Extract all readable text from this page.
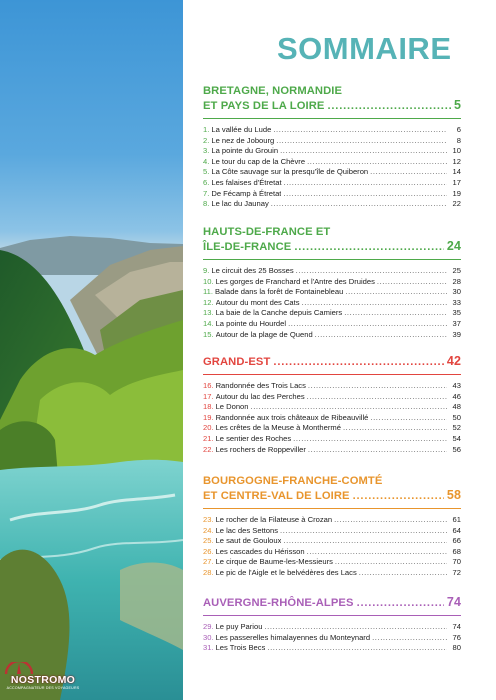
NOSTROMO
ACCOMPAGNATEUR DES VOYAGEURS
SOMMAIRE
BRETAGNE, NORMANDIE
ET PAYS DE LA LOIRE .....	5
1. La vallée du Lude .....	6
2. Le nez de Jobourg .....	8
3. La pointe du Grouin .....	10
4. Le tour du cap de la Chèvre .....	12
5. La Côte sauvage sur la presqu'île de Quiberon .....	14
6. Les falaises d'Étretat .....	17
7. De Fécamp à Étretat .....	19
8. Le lac du Jaunay .....	22
HAUTS-DE-FRANCE ET
ÎLE-DE-FRANCE .....	24
9. Le circuit des 25 Bosses .....	25
10. Les gorges de Franchard et l'Antre des Druides .....	28
11. Balade dans la forêt de Fontainebleau .....	30
12. Autour du mont des Cats .....	33
13. La baie de la Canche depuis Camiers .....	35
14. La pointe du Hourdel .....	37
15. Autour de la plage de Quend .....	39
GRAND-EST .....	42
16. Randonnée des Trois Lacs .....	43
17. Autour du lac des Perches .....	46
18. Le Donon .....	48
19. Randonnée aux trois châteaux de Ribeauvillé .....	50
20. Les crêtes de la Meuse à Monthermé .....	52
21. Le sentier des Roches .....	54
22. Les rochers de Roppeviller .....	56
BOURGOGNE-FRANCHE-COMTÉ
ET CENTRE-VAL DE LOIRE .....	58
23. Le rocher de la Filateuse à Crozan .....	61
24. Le lac des Settons .....	64
25. Le saut de Gouloux .....	66
26. Les cascades du Hérisson .....	68
27. Le cirque de Baume-les-Messieurs .....	70
28. Le pic de l'Aigle et le belvédères des Lacs .....	72
AUVERGNE-RHÔNE-ALPES .....	74
29. Le puy Pariou .....	74
30. Les passerelles himalayennes du Monteynard .....	76
31. Les Trois Becs .....	80
